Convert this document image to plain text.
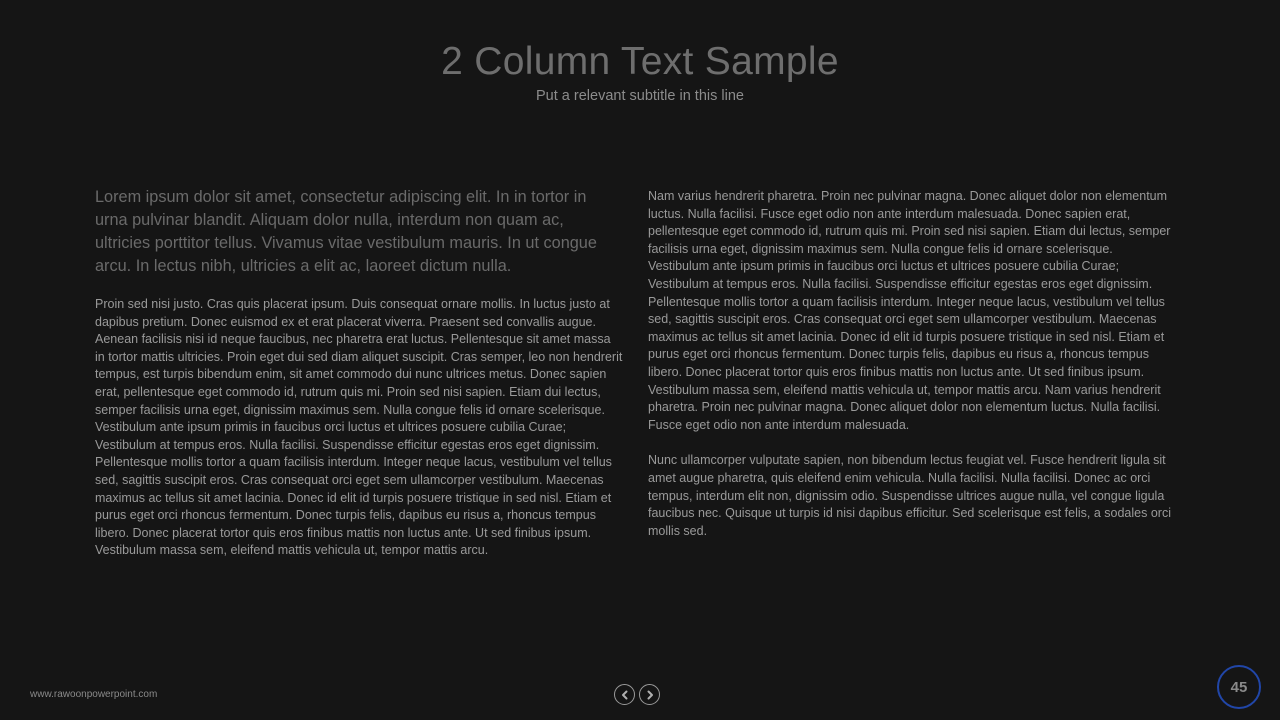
2 Column Text Sample
Put a relevant subtitle in this line

Lorem ipsum dolor sit amet, consectetur adipiscing elit. In in tortor in urna pulvinar blandit. Aliquam dolor nulla, interdum non quam ac, ultricies porttitor tellus. Vivamus vitae vestibulum mauris. In ut congue arcu. In lectus nibh, ultricies a elit ac, laoreet dictum nulla.

Proin sed nisi justo. Cras quis placerat ipsum. Duis consequat ornare mollis. In luctus justo at dapibus pretium. Donec euismod ex et erat placerat viverra. Praesent sed convallis augue. Aenean facilisis nisi id neque faucibus, nec pharetra erat luctus. Pellentesque sit amet massa in tortor mattis ultricies. Proin eget dui sed diam aliquet suscipit. Cras semper, leo non hendrerit tempus, est turpis bibendum enim, sit amet commodo dui nunc ultrices metus. Donec sapien erat, pellentesque eget commodo id, rutrum quis mi. Proin sed nisi sapien. Etiam dui lectus, semper facilisis urna eget, dignissim maximus sem. Nulla congue felis id ornare scelerisque. Vestibulum ante ipsum primis in faucibus orci luctus et ultrices posuere cubilia Curae; Vestibulum at tempus eros. Nulla facilisi. Suspendisse efficitur egestas eros eget dignissim. Pellentesque mollis tortor a quam facilisis interdum. Integer neque lacus, vestibulum vel tellus sed, sagittis suscipit eros. Cras consequat orci eget sem ullamcorper vestibulum. Maecenas maximus ac tellus sit amet lacinia. Donec id elit id turpis posuere tristique in sed nisl. Etiam et purus eget orci rhoncus fermentum. Donec turpis felis, dapibus eu risus a, rhoncus tempus libero. Donec placerat tortor quis eros finibus mattis non luctus ante. Ut sed finibus ipsum. Vestibulum massa sem, eleifend mattis vehicula ut, tempor mattis arcu.

Nam varius hendrerit pharetra. Proin nec pulvinar magna. Donec aliquet dolor non elementum luctus. Nulla facilisi. Fusce eget odio non ante interdum malesuada. Donec sapien erat, pellentesque eget commodo id, rutrum quis mi. Proin sed nisi sapien. Etiam dui lectus, semper facilisis urna eget, dignissim maximus sem. Nulla congue felis id ornare scelerisque. Vestibulum ante ipsum primis in faucibus orci luctus et ultrices posuere cubilia Curae; Vestibulum at tempus eros. Nulla facilisi. Suspendisse efficitur egestas eros eget dignissim. Pellentesque mollis tortor a quam facilisis interdum. Integer neque lacus, vestibulum vel tellus sed, sagittis suscipit eros. Cras consequat orci eget sem ullamcorper vestibulum. Maecenas maximus ac tellus sit amet lacinia. Donec id elit id turpis posuere tristique in sed nisl. Etiam et purus eget orci rhoncus fermentum. Donec turpis felis, dapibus eu risus a, rhoncus tempus libero. Donec placerat tortor quis eros finibus mattis non luctus ante. Ut sed finibus ipsum. Vestibulum massa sem, eleifend mattis vehicula ut, tempor mattis arcu. Nam varius hendrerit pharetra. Proin nec pulvinar magna. Donec aliquet dolor non elementum luctus. Nulla facilisi. Fusce eget odio non ante interdum malesuada.

Nunc ullamcorper vulputate sapien, non bibendum lectus feugiat vel. Fusce hendrerit ligula sit amet augue pharetra, quis eleifend enim vehicula. Nulla facilisi. Nulla facilisi. Donec ac orci tempus, interdum elit non, dignissim odio. Suspendisse ultrices augue nulla, vel congue ligula faucibus nec. Quisque ut turpis id nisi dapibus efficitur. Sed scelerisque est felis, a sodales orci mollis sed.

www.rawoonpowerpoint.com	45
